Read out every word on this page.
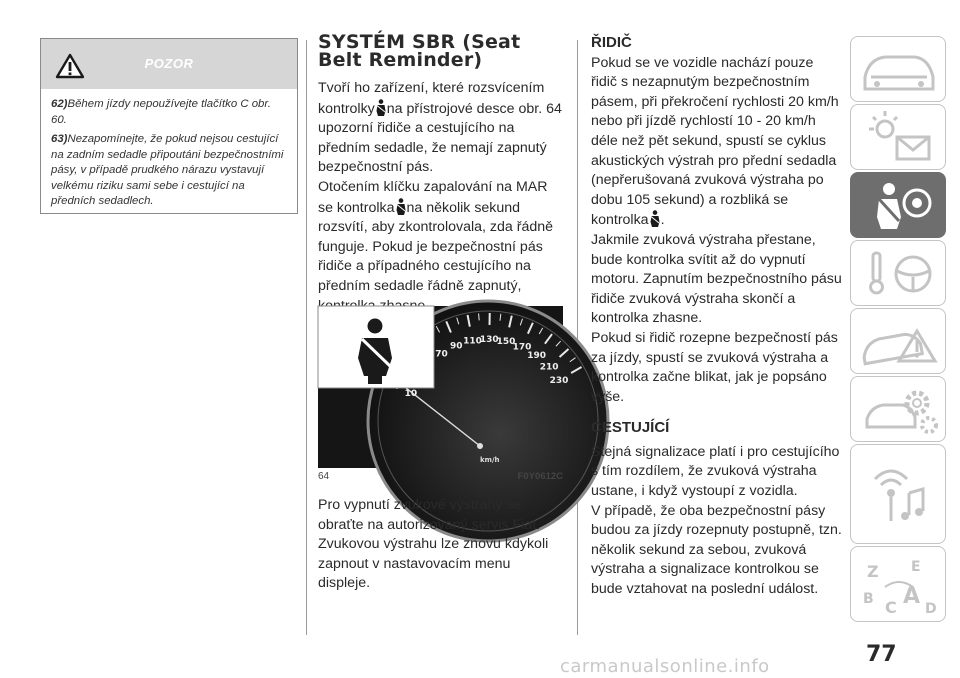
POZOR

62)Během jízdy nepoužívejte tlačítko C obr. 60.

63)Nezapomínejte, že pokud nejsou cestující na zadním sedadle připoutáni bezpečnostními pásy, v případě prudkého nárazu vystavují velkému riziku sami sebe i cestující na předních sedadlech.

SYSTÉM SBR (Seat
Belt Reminder)

Tvoří ho zařízení, které rozsvícením kontrolky na přístrojové desce obr. 64 upozorní řidiče a cestujícího na předním sedadle, že nemají zapnutý bezpečnostní pás.

Otočením klíčku zapalování na MAR se kontrolka na několik sekund rozsvítí, aby zkontrolovala, zda řádně funguje. Pokud je bezpečnostní pás řidiče a případného cestujícího na předním sedadle řádně zapnutý,

10
70
90 110
130
150
170
190
210
230
km/h
64	F0Y0612C

Pro vypnutí zvukové výstrahy se obraťte na autorizovaný servis Fiat. Zvukovou výstrahu lze znovu kdykoli zapnout v nastavovacím menu displeje.

ŘIDIČ

Pokud se ve vozidle nachází pouze řidič s nezapnutým bezpečnostním pásem, při překročení rychlosti 20 km/h nebo při jízdě rychlostí 10 - 20 km/h déle než pět sekund, spustí se cyklus akustických výstrah pro přední sedadla (nepřerušovaná zvuková výstraha po dobu 105 sekund) a rozbliká se kontrolka .

Jakmile zvuková výstraha přestane, bude kontrolka svítit až do vypnutí motoru. Zapnutím bezpečnostního pásu řidiče zvuková výstraha skončí a kontrolka zhasne.

Pokud si řidič rozepne bezpečností pás za jízdy, spustí se zvuková výstraha a kontrolka začne blikat, jak je popsáno výše.

CESTUJÍCÍ

Stejná signalizace platí i pro cestujícího s tím rozdílem, že zvuková výstraha ustane, i když vystoupí z vozidla.

V případě, že oba bezpečnostní pásy budou za jízdy rozepnuty postupně, tzn. několik sekund za sebou, zvuková výstraha a signalizace kontrolkou se bude vztahovat na poslední událost.

Z E
B C A D
77
carmanualsonline.info
